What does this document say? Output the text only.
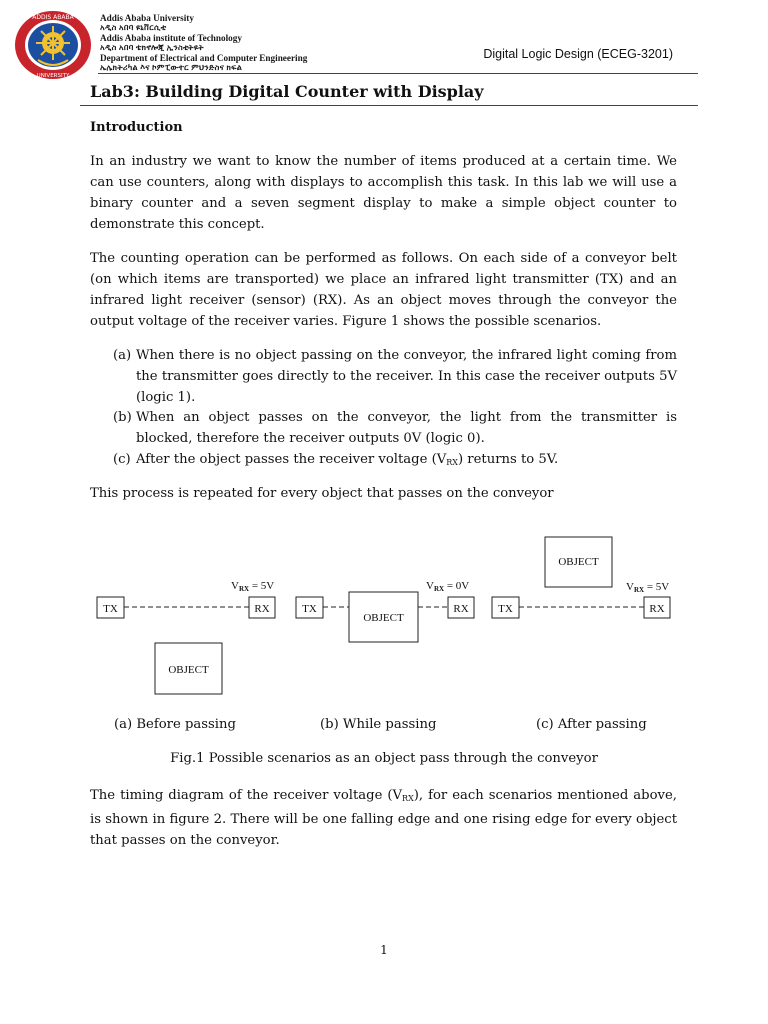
ADDIS ABABA
UNIVERSITY
Addis Ababa University
አዲስ አበባ ዩኒቨርሲቲ
Addis Ababa institute of Technology
አዲስ አበባ ቴክኖሎጂ ኢንስቲትዩት
Department of Electrical and Computer Engineering
ኤሌክትሪካል እና ኮምፒውተር ምህንድስና ክፍል
Digital Logic Design (ECEG-3201)
Lab3: Building Digital Counter with Display
Introduction
In an industry we want to know the number of items produced at a certain time. We can use counters, along with displays to accomplish this task. In this lab we will use a binary counter and a seven segment display to make a simple object counter to demonstrate this concept.
The counting operation can be performed as follows. On each side of a conveyor belt (on which items are transported) we place an infrared light transmitter (TX) and an infrared light receiver (sensor) (RX). As an object moves through the conveyor the output voltage of the receiver varies. Figure 1 shows the possible scenarios.
(a) When there is no object passing on the conveyor, the infrared light coming from the transmitter goes directly to the receiver. In this case the receiver outputs 5V (logic 1).
(b) When an object passes on the conveyor, the light from the transmitter is blocked, therefore the receiver outputs 0V (logic 0).
(c) After the object passes the receiver voltage $(V_{RX})$ returns to 5V.
This process is repeated for every object that passes on the conveyor
TX	RX
OBJECT
TX	RX
OBJECT
TX	RX
OBJECT
VRX = 5V	VRX = 0V	VRX = 5V
(a) Before passing	(b) While passing	(c) After passing
Fig.1 Possible scenarios as an object pass through the conveyor
The timing diagram of the receiver voltage $(V_{RX})$, for each scenarios mentioned above, is shown in figure 2. There will be one falling edge and one rising edge for every object that passes on the conveyor.
1
